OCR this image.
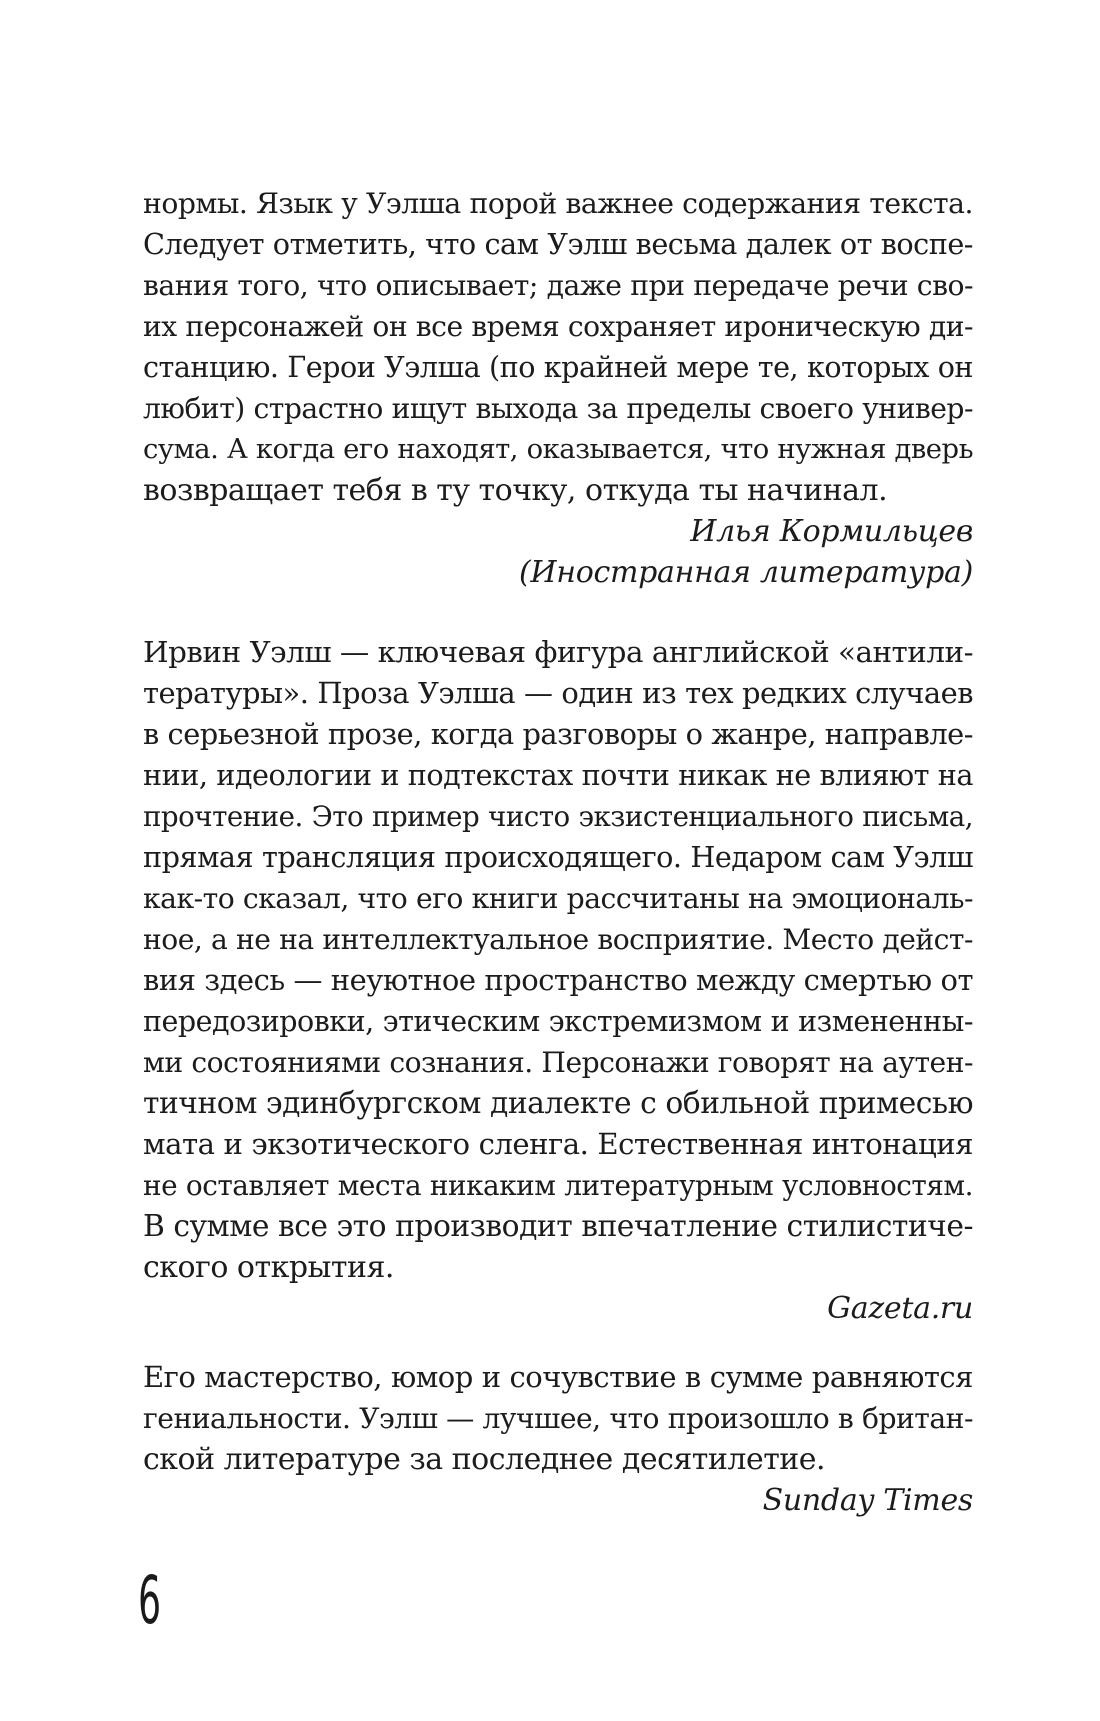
нормы. Язык у Уэлша порой важнее содержания текста.
Следует отметить, что сам Уэлш весьма далек от воспе-
вания того, что описывает; даже при передаче речи сво-
их персонажей он все время сохраняет ироническую ди-
станцию. Герои Уэлша (по крайней мере те, которых он
любит) страстно ищут выхода за пределы своего универ-
сума. А когда его находят, оказывается, что нужная дверь
возвращает тебя в ту точку, откуда ты начинал.
Илья Кормильцев
(Иностранная литература)
Ирвин Уэлш — ключевая фигура английской «антили-
тературы». Проза Уэлша — один из тех редких случаев
в серьезной прозе, когда разговоры о жанре, направле-
нии, идеологии и подтекстах почти никак не влияют на
прочтение. Это пример чисто экзистенциального письма,
прямая трансляция происходящего. Недаром сам Уэлш
как-то сказал, что его книги рассчитаны на эмоциональ-
ное, а не на интеллектуальное восприятие. Место дейст-
вия здесь — неуютное пространство между смертью от
передозировки, этическим экстремизмом и измененны-
ми состояниями сознания. Персонажи говорят на аутен-
тичном эдинбургском диалекте с обильной примесью
мата и экзотического сленга. Естественная интонация
не оставляет места никаким литературным условностям.
В сумме все это производит впечатление стилистиче-
ского открытия.
Gazeta.ru
Его мастерство, юмор и сочувствие в сумме равняются
гениальности. Уэлш — лучшее, что произошло в британ-
ской литературе за последнее десятилетие.
Sunday Times
6
